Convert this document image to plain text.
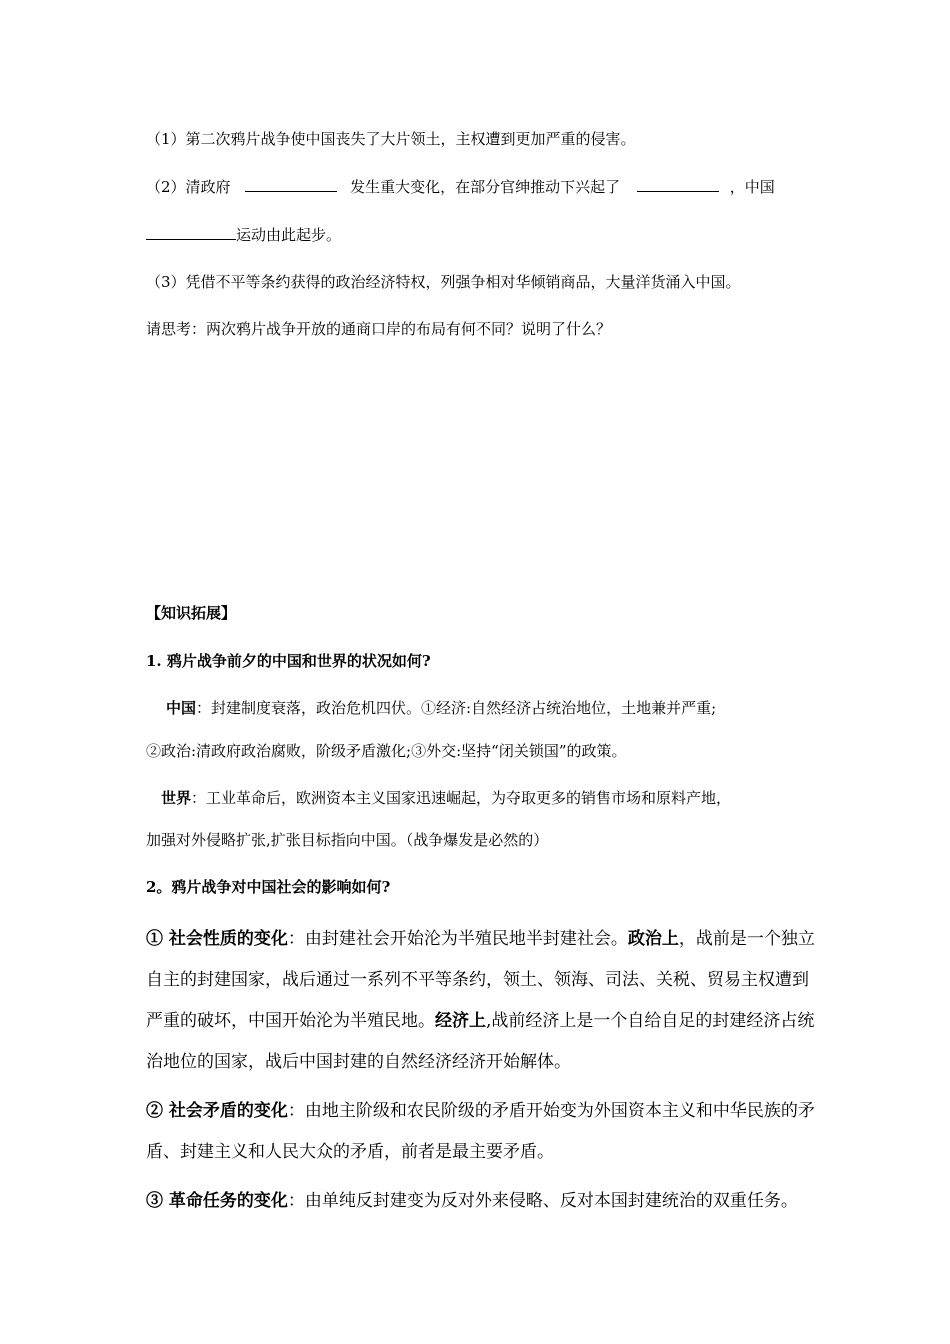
（1）第二次鸦片战争使中国丧失了大片领土，主权遭到更加严重的侵害。
（2）清政府	发生重大变化，在部分官绅推动下兴起了	，中国
运动由此起步。
（3）凭借不平等条约获得的政治经济特权，列强争相对华倾销商品，大量洋货涌入中国。
请思考：两次鸦片战争开放的通商口岸的布局有何不同？说明了什么？
【知识拓展】
1. 鸦片战争前夕的中国和世界的状况如何?
中国：封建制度衰落，政治危机四伏。①经济:自然经济占统治地位，土地兼并严重;
②政治:清政府政治腐败，阶级矛盾激化;③外交:坚持“闭关锁国”的政策。
世界：工业革命后，欧洲资本主义国家迅速崛起，为夺取更多的销售市场和原料产地，
加强对外侵略扩张,扩张目标指向中国。（战争爆发是必然的）
2。鸦片战争对中国社会的影响如何?
① 社会性质的变化：由封建社会开始沦为半殖民地半封建社会。政治上，战前是一个独立
自主的封建国家，战后通过一系列不平等条约，领土、领海、司法、关税、贸易主权遭到
严重的破坏，中国开始沦为半殖民地。经济上,战前经济上是一个自给自足的封建经济占统
治地位的国家，战后中国封建的自然经济经济开始解体。
② 社会矛盾的变化：由地主阶级和农民阶级的矛盾开始变为外国资本主义和中华民族的矛
盾、封建主义和人民大众的矛盾，前者是最主要矛盾。
③ 革命任务的变化：由单纯反封建变为反对外来侵略、反对本国封建统治的双重任务。
